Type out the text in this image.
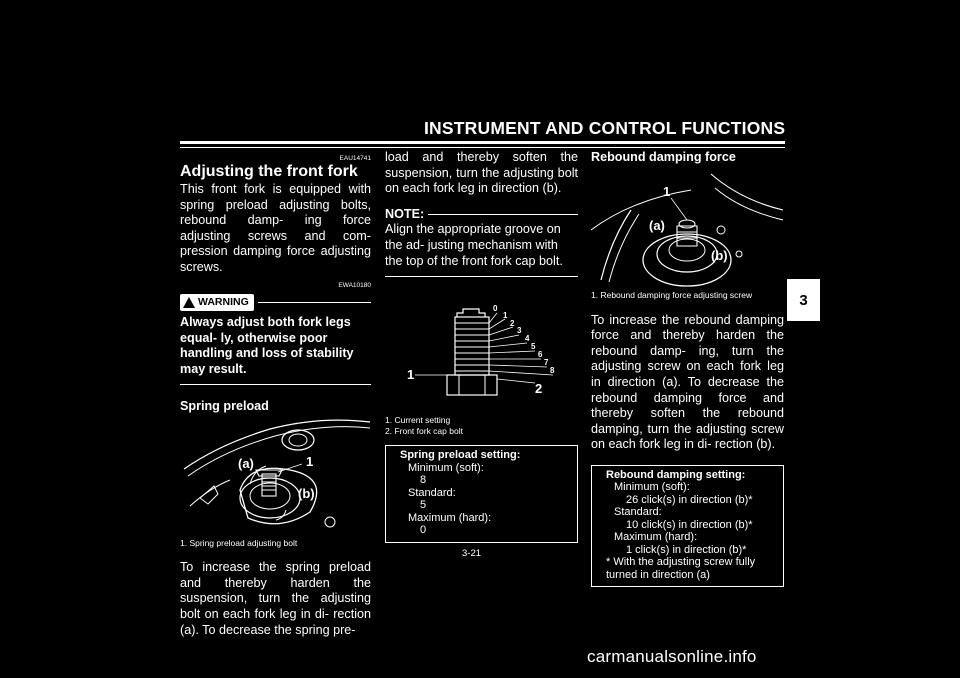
INSTRUMENT AND CONTROL FUNCTIONS
3
EAU14741
Adjusting the front fork
This front fork is equipped with spring preload adjusting bolts, rebound damp- ing force adjusting screws and com- pression damping force adjusting screws.
EWA10180
WARNING
Always adjust both fork legs equal- ly, otherwise poor handling and loss of stability may result.
Spring preload
(a)	1
(b)
1. Spring preload adjusting bolt
To increase the spring preload and thereby harden the suspension, turn the adjusting bolt on each fork leg in di- rection (a). To decrease the spring pre-
load and thereby soften the suspension, turn the adjusting bolt on each fork leg in direction (b).
NOTE:
Align the appropriate groove on the ad- justing mechanism with the top of the front fork cap bolt.
0
1
2
3
4
5
6
7
8
1
2
1. Current setting
2. Front fork cap bolt
Spring preload setting:
Minimum (soft):
8
Standard:
5
Maximum (hard):
0
Rebound damping force
1
(a)
(b)
1. Rebound damping force adjusting screw
To increase the rebound damping force and thereby harden the rebound damp- ing, turn the adjusting screw on each fork leg in direction (a). To decrease the rebound damping force and thereby soften the rebound damping, turn the adjusting screw on each fork leg in di- rection (b).
Rebound damping setting:
Minimum (soft):
26 click(s) in direction (b)*
Standard:
10 click(s) in direction (b)*
Maximum (hard):
1 click(s) in direction (b)*
* With the adjusting screw fully turned in direction (a)
3-21
carmanualsonline.info
